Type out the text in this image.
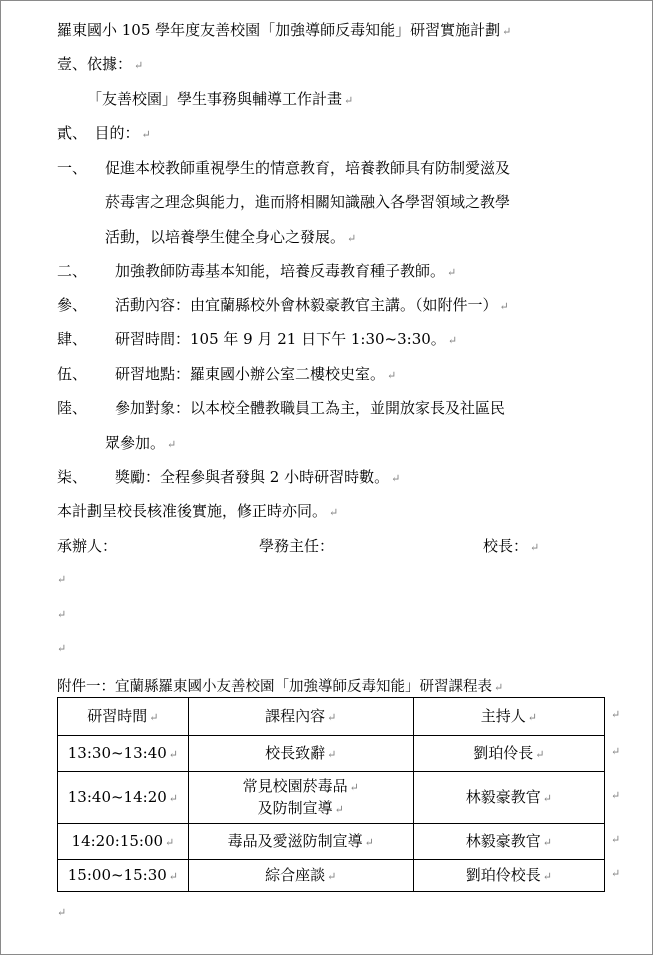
羅東國小 105 學年度友善校園「加強導師反毒知能」研習實施計劃 ↵
壹、依據： ↵
「友善校園」學生事務與輔導工作計畫 ↵
貳、　目的： ↵
一、 促進本校教師重視學生的情意教育，培養教師具有防制愛滋及
菸毒害之理念與能力，進而將相關知識融入各學習領域之教學
活動，以培養學生健全身心之發展。 ↵
二、 加強教師防毒基本知能，培養反毒教育種子教師。 ↵
參、 活動內容：由宜蘭縣校外會林毅豪教官主講。（如附件一） ↵
肆、 研習時間：105 年 9 月 21 日下午 1:30~3:30。 ↵
伍、 研習地點：羅東國小辦公室二樓校史室。 ↵
陸、 參加對象：以本校全體教職員工為主，並開放家長及社區民
眾參加。 ↵
柒、 獎勵：全程參與者發與 2 小時研習時數。 ↵
本計劃呈校長核准後實施，修正時亦同。 ↵
承辦人：	學務主任：	校長： ↵
↵
↵
↵
附件一：宜蘭縣羅東國小友善校園「加強導師反毒知能」研習課程表 ↵
研習時間 ↵	課程內容 ↵	主持人 ↵
13:30~13:40 ↵	校長致辭 ↵	劉珀伶長 ↵
13:40~14:20 ↵	常見校園菸毒品 ↵
及防制宣導 ↵	林毅豪教官 ↵
14:20:15:00 ↵	毒品及愛滋防制宣導 ↵	林毅豪教官 ↵
15:00~15:30 ↵	綜合座談 ↵	劉珀伶校長 ↵
↵
↵
↵
↵
↵
↵
